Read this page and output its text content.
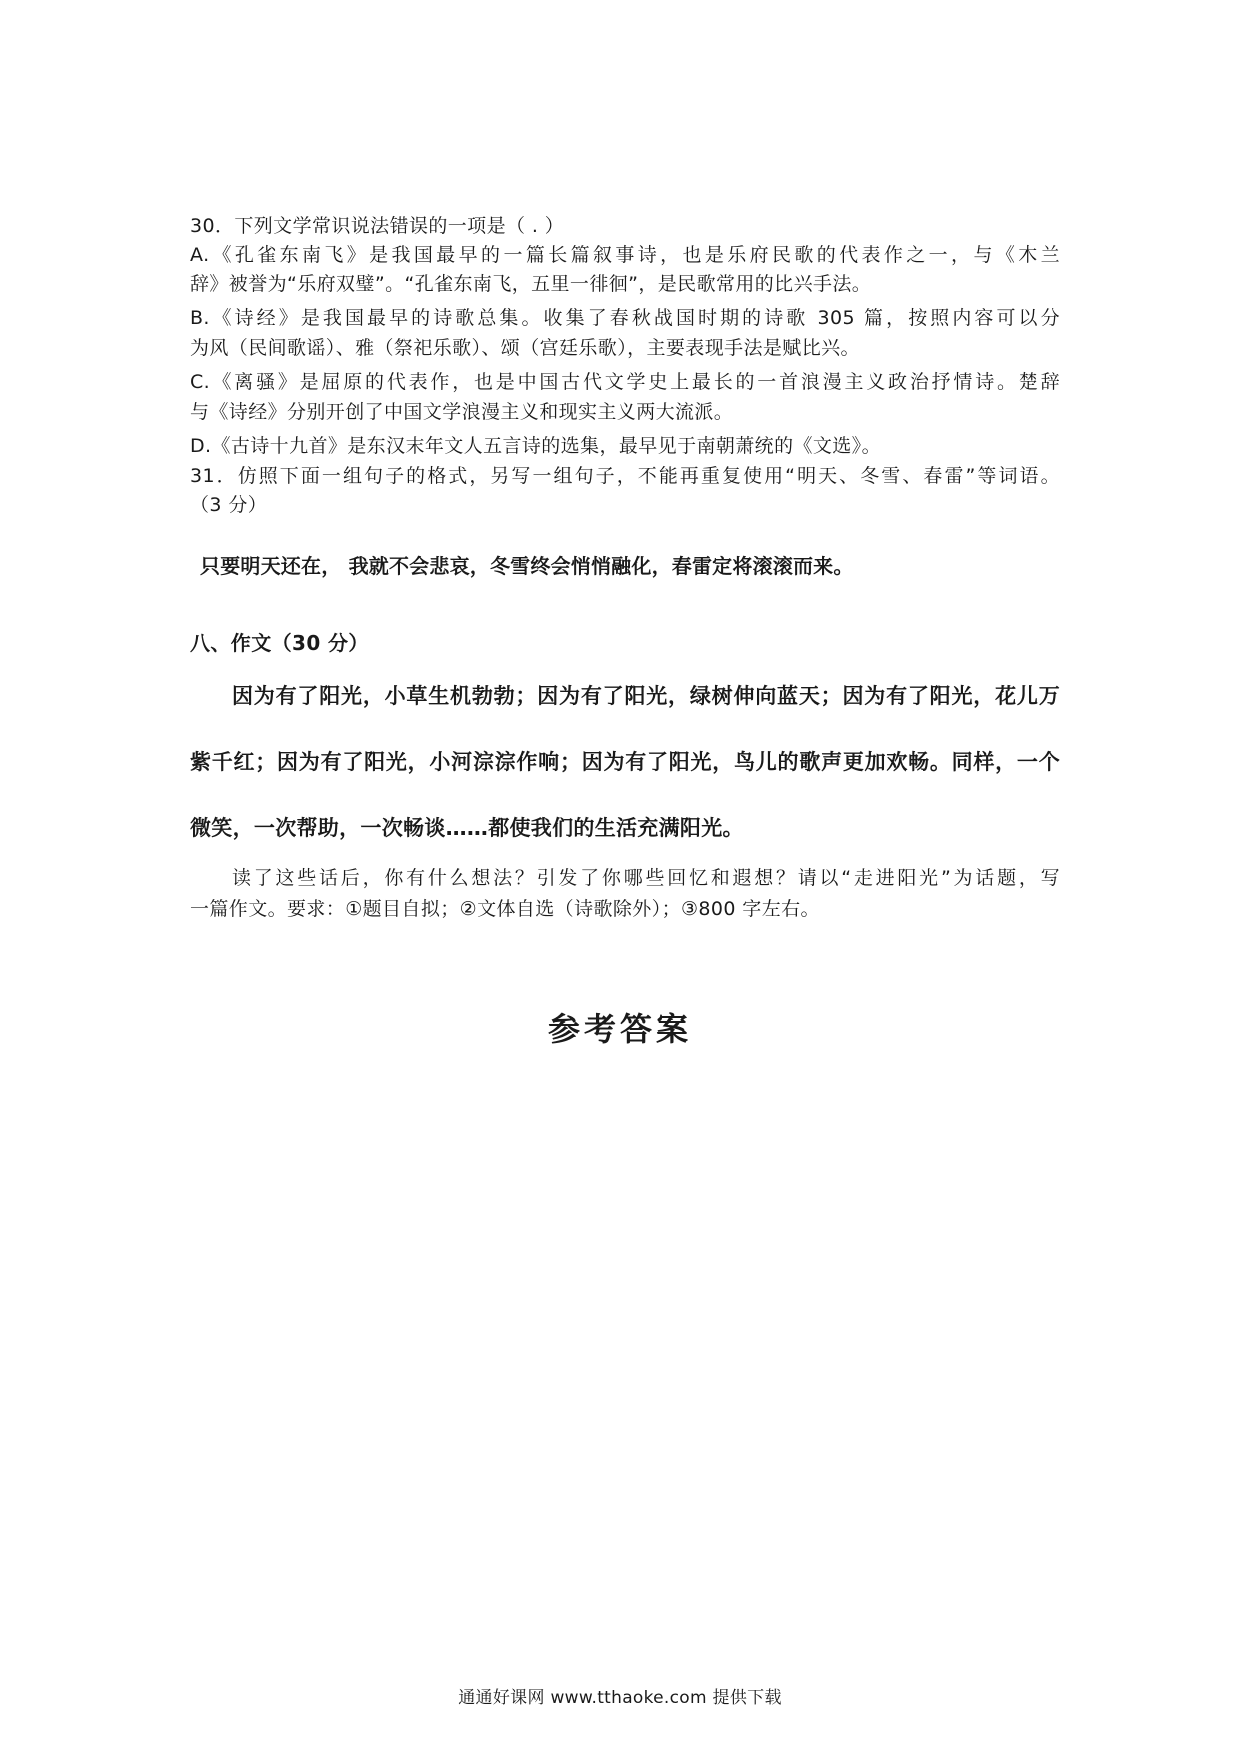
30．下列文学常识说法错误的一项是（ . ）
A.《孔雀东南飞》是我国最早的一篇长篇叙事诗，也是乐府民歌的代表作之一，与《木兰
辞》被誉为“乐府双璧”。“孔雀东南飞，五里一徘徊”，是民歌常用的比兴手法。
B.《诗经》是我国最早的诗歌总集。收集了春秋战国时期的诗歌 305 篇，按照内容可以分
为风（民间歌谣）、雅（祭祀乐歌）、颂（宫廷乐歌），主要表现手法是赋比兴。
C.《离骚》是屈原的代表作，也是中国古代文学史上最长的一首浪漫主义政治抒情诗。楚辞
与《诗经》分别开创了中国文学浪漫主义和现实主义两大流派。
D.《古诗十九首》是东汉末年文人五言诗的选集，最早见于南朝萧统的《文选》。
31．仿照下面一组句子的格式，另写一组句子，不能再重复使用“明天、冬雪、春雷”等词语。
（3 分）
只要明天还在， 我就不会悲哀，冬雪终会悄悄融化，春雷定将滚滚而来。
八、作文（30 分）
因为有了阳光，小草生机勃勃；因为有了阳光，绿树伸向蓝天；因为有了阳光，花儿万
紫千红；因为有了阳光，小河淙淙作响；因为有了阳光，鸟儿的歌声更加欢畅。同样，一个
微笑，一次帮助，一次畅谈……都使我们的生活充满阳光。
读了这些话后，你有什么想法？引发了你哪些回忆和遐想？请以“走进阳光”为话题，写
一篇作文。要求：①题目自拟；②文体自选（诗歌除外）；③800 字左右。
参考答案
通通好课网 www.tthaoke.com 提供下载
